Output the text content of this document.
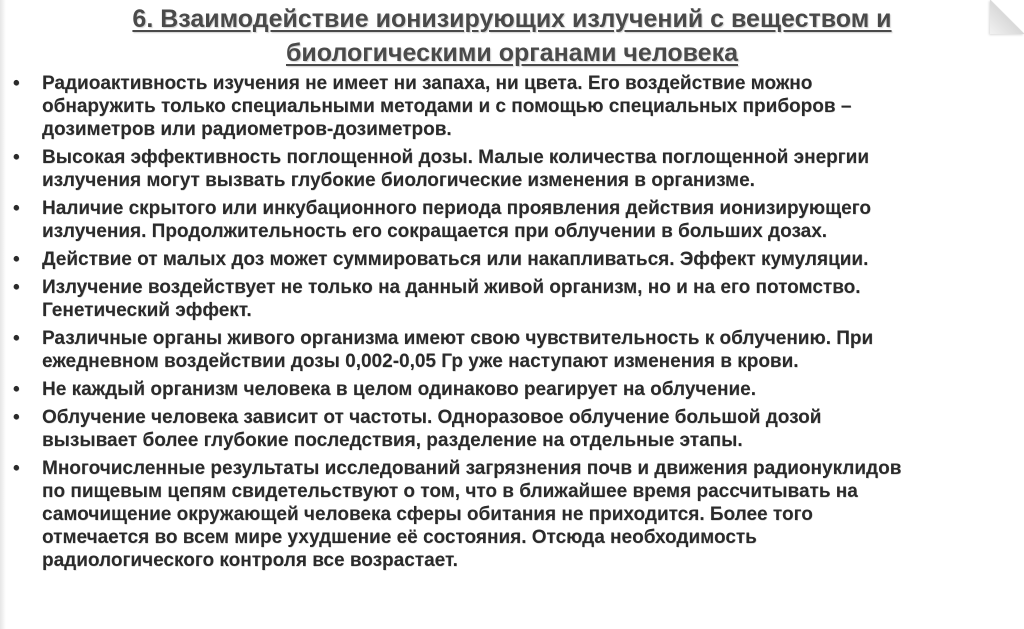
6. Взаимодействие ионизирующих излучений с веществом и
биологическими органами человека
• Радиоактивность изучения не имеет ни запаха, ни цвета. Его воздействие можно
обнаружить только специальными методами и с помощью специальных приборов –
дозиметров или радиометров-дозиметров.
• Высокая эффективность поглощенной дозы. Малые количества поглощенной энергии
излучения могут вызвать глубокие биологические изменения в организме.
• Наличие скрытого или инкубационного периода проявления действия ионизирующего
излучения. Продолжительность его сокращается при облучении в больших дозах.
• Действие от малых доз может суммироваться или накапливаться. Эффект кумуляции.
• Излучение воздействует не только на данный живой организм, но и на его потомство.
Генетический эффект.
• Различные органы живого организма имеют свою чувствительность к облучению. При
ежедневном воздействии дозы 0,002-0,05 Гр уже наступают изменения в крови.
• Не каждый организм человека в целом одинаково реагирует на облучение.
• Облучение человека зависит от частоты. Одноразовое облучение большой дозой
вызывает более глубокие последствия, разделение на отдельные этапы.
• Многочисленные результаты исследований загрязнения почв и движения радионуклидов
по пищевым цепям свидетельствуют о том, что в ближайшее время рассчитывать на
самочищение окружающей человека сферы обитания не приходится. Более того
отмечается во всем мире ухудшение её состояния. Отсюда необходимость
радиологического контроля все возрастает.
